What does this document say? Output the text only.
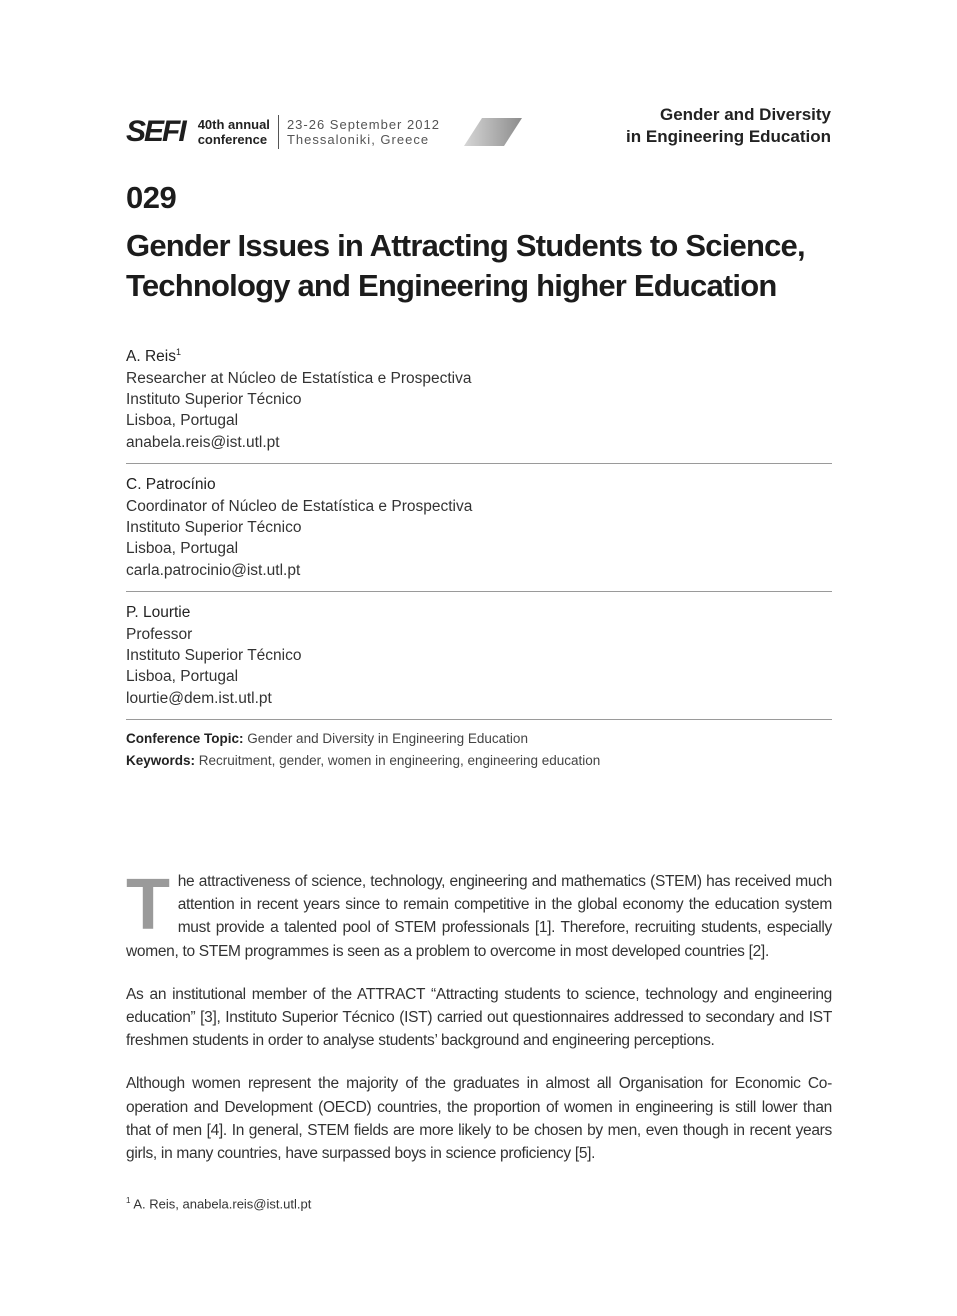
SEFI 40th annual
conference
23-26 September 2012
Thessaloniki, Greece
Gender and Diversity
in Engineering Education
029
Gender Issues in Attracting Students to Science,
Technology and Engineering higher Education
A. Reis$^1$
Researcher at Núcleo de Estatística e Prospectiva
Instituto Superior Técnico
Lisboa, Portugal
anabela.reis@ist.utl.pt
C. Patrocínio
Coordinator of Núcleo de Estatística e Prospectiva
Instituto Superior Técnico
Lisboa, Portugal
carla.patrocinio@ist.utl.pt
P. Lourtie
Professor
Instituto Superior Técnico
Lisboa, Portugal
lourtie@dem.ist.utl.pt
Conference Topic: Gender and Diversity in Engineering Education
Keywords: Recruitment, gender, women in engineering, engineering education

The attractiveness of science, technology, engineering and mathematics (STEM) has received much attention in recent years since to remain competitive in the global economy the education system must provide a talented pool of STEM professionals [1]. Therefore, recruiting students, especially women, to STEM programmes is seen as a problem to overcome in most developed countries [2].

As an institutional member of the ATTRACT “Attracting students to science, technology and engineering education” [3], Instituto Superior Técnico (IST) carried out questionnaires addressed to secondary and IST freshmen students in order to analyse students’ background and engineering perceptions.

Although women represent the majority of the graduates in almost all Organisation for Economic Co-operation and Development (OECD) countries, the proportion of women in engineering is still lower than that of men [4]. In general, STEM fields are more likely to be chosen by men, even though in recent years girls, in many countries, have surpassed boys in science proficiency [5].

$^1$ A. Reis, anabela.reis@ist.utl.pt
